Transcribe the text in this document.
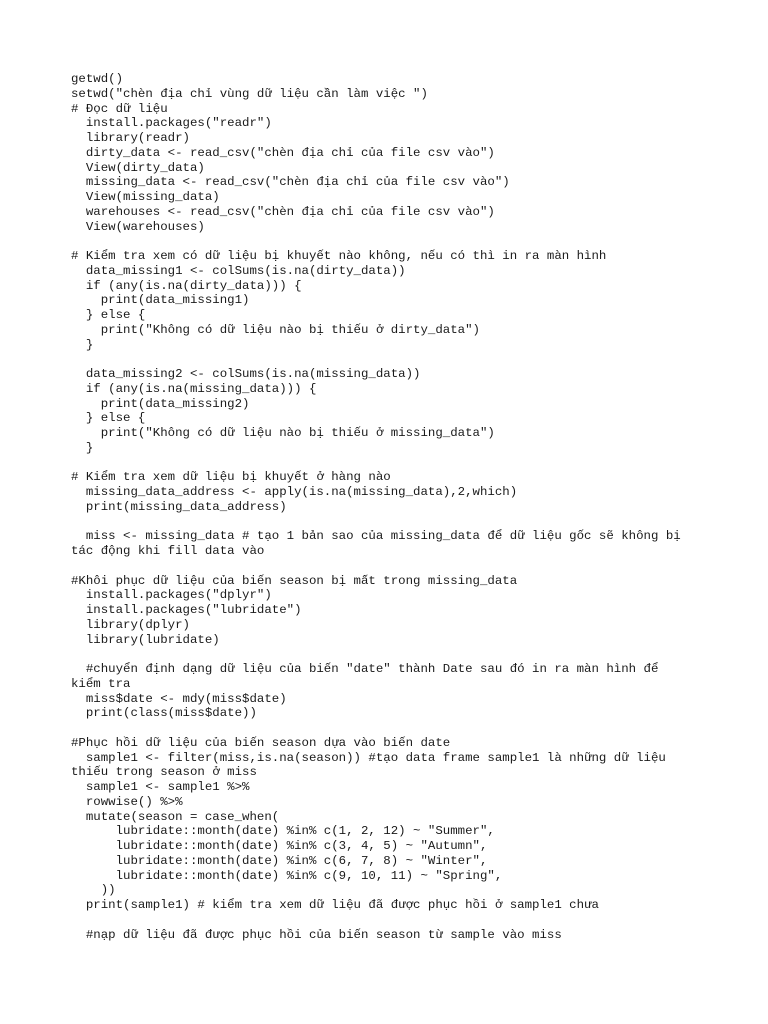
getwd()
setwd("chèn địa chỉ vùng dữ liệu cần làm việc ")
# Đọc dữ liệu
install.packages("readr")
library(readr)
dirty_data <- read_csv("chèn địa chỉ của file csv vào")
View(dirty_data)
missing_data <- read_csv("chèn địa chỉ của file csv vào")
View(missing_data)
warehouses <- read_csv("chèn địa chỉ của file csv vào")
View(warehouses)
# Kiểm tra xem có dữ liệu bị khuyết nào không, nếu có thì in ra màn hình
data_missing1 <- colSums(is.na(dirty_data))
if (any(is.na(dirty_data))) {
print(data_missing1)
} else {
print("Không có dữ liệu nào bị thiếu ở dirty_data")
}
data_missing2 <- colSums(is.na(missing_data))
if (any(is.na(missing_data))) {
print(data_missing2)
} else {
print("Không có dữ liệu nào bị thiếu ở missing_data")
}
# Kiểm tra xem dữ liệu bị khuyết ở hàng nào
missing_data_address <- apply(is.na(missing_data),2,which)
print(missing_data_address)
miss <- missing_data # tạo 1 bản sao của missing_data để dữ liệu gốc sẽ không bị
tác động khi fill data vào
#Khôi phục dữ liệu của biến season bị mất trong missing_data
install.packages("dplyr")
install.packages("lubridate")
library(dplyr)
library(lubridate)
#chuyển định dạng dữ liệu của biến "date" thành Date sau đó in ra màn hình để
kiểm tra
miss$date <- mdy(miss$date)
print(class(miss$date))
#Phục hồi dữ liệu của biến season dựa vào biến date
sample1 <- filter(miss,is.na(season)) #tạo data frame sample1 là những dữ liệu
thiếu trong season ở miss
sample1 <- sample1 %>%
rowwise() %>%
mutate(season = case_when(
lubridate::month(date) %in% c(1, 2, 12) ~ "Summer",
lubridate::month(date) %in% c(3, 4, 5) ~ "Autumn",
lubridate::month(date) %in% c(6, 7, 8) ~ "Winter",
lubridate::month(date) %in% c(9, 10, 11) ~ "Spring",
))
print(sample1) # kiểm tra xem dữ liệu đã được phục hồi ở sample1 chưa
#nạp dữ liệu đã được phục hồi của biến season từ sample vào miss
